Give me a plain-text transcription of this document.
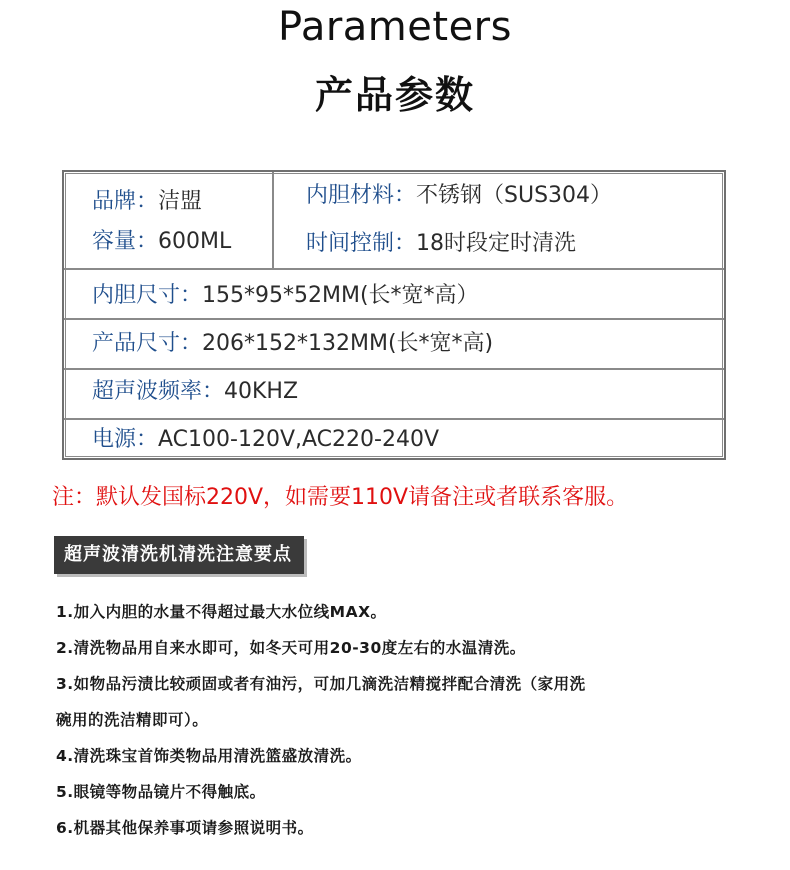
Parameters
产品参数
品牌：洁盟	内胆材料：不锈钢（SUS304）
容量：600ML	时间控制：18时段定时清洗
内胆尺寸：155*95*52MM(长*宽*高）
产品尺寸：206*152*132MM(长*宽*高)
超声波频率：40KHZ
电源：AC100-120V,AC220-240V
注：默认发国标220V，如需要110V请备注或者联系客服。
超声波清洗机清洗注意要点

1.加入内胆的水量不得超过最大水位线MAX。

2.清洗物品用自来水即可，如冬天可用20-30度左右的水温清洗。

3.如物品污渍比较顽固或者有油污，可加几滴洗洁精搅拌配合清洗（家用洗

碗用的洗洁精即可）。

4.清洗珠宝首饰类物品用清洗篮盛放清洗。

5.眼镜等物品镜片不得触底。

6.机器其他保养事项请参照说明书。
